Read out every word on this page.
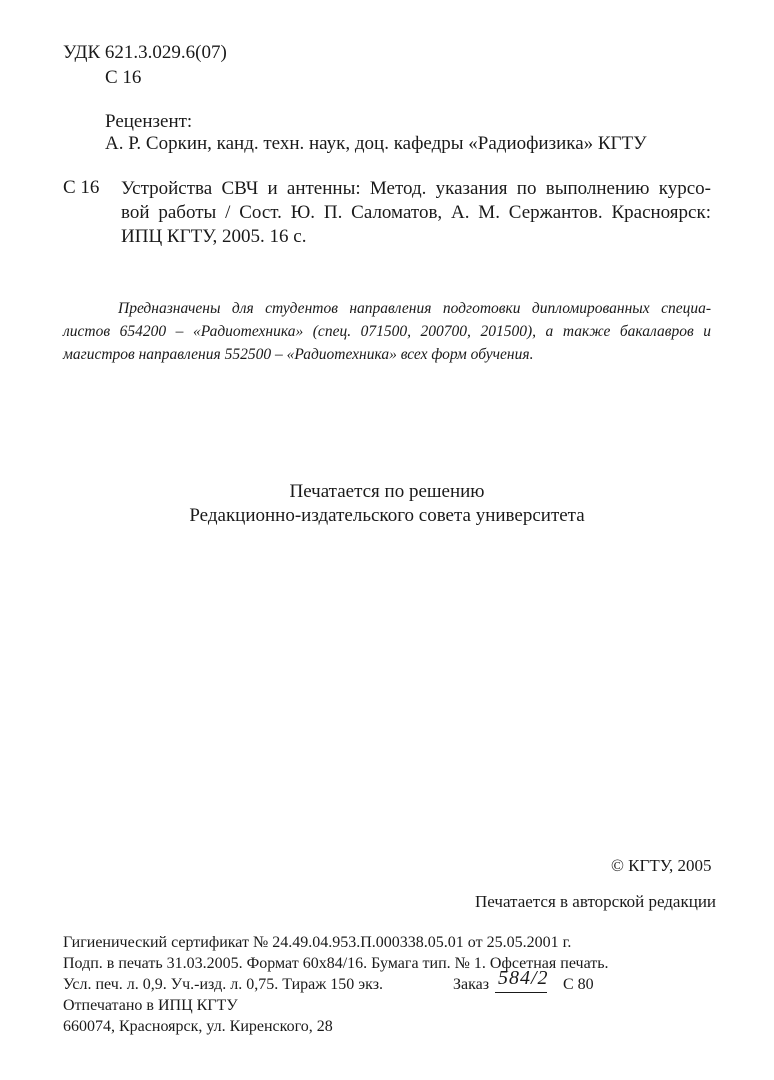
УДК 621.3.029.6(07)
С 16
Рецензент:
А. Р. Соркин, канд. техн. наук, доц. кафедры «Радиофизика» КГТУ
С 16 Устройства СВЧ и антенны: Метод. указания по выполнению курсо-
вой работы / Сост. Ю. П. Саломатов, А. М. Сержантов. Красноярск:
ИПЦ КГТУ, 2005. 16 с.
Предназначены для студентов направления подготовки дипломированных специа-
листов 654200 – «Радиотехника» (спец. 071500, 200700, 201500), а также бакалавров и
магистров направления 552500 – «Радиотехника» всех форм обучения.
Печатается по решению
Редакционно-издательского совета университета
© КГТУ, 2005
Печатается в авторской редакции
Гигиенический сертификат № 24.49.04.953.П.000338.05.01 от 25.05.2001 г.
Подп. в печать 31.03.2005. Формат 60x84/16. Бумага тип. № 1. Офсетная печать.
Усл. печ. л. 0,9. Уч.-изд. л. 0,75. Тираж 150 экз.	Заказ 584/2 С 80
Отпечатано в ИПЦ КГТУ
660074, Красноярск, ул. Киренского, 28
